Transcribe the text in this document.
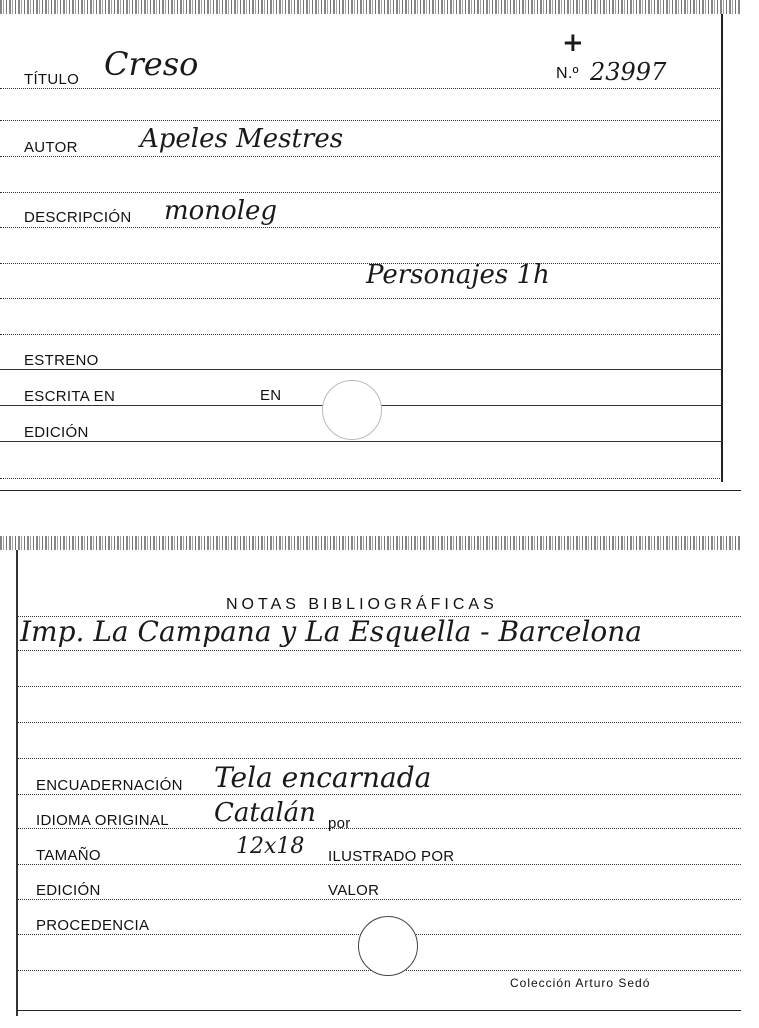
TÍTULO Creso
+
N.º 23997
AUTOR Apeles Mestres
DESCRIPCIÓN monoleg
Personajes 1h
ESTRENO
ESCRITA EN	EN
EDICIÓN
NOTAS BIBLIOGRÁFICAS
Imp. La Campana y La Esquella - Barcelona
ENCUADERNACIÓN Tela encarnada
IDIOMA ORIGINAL Catalán por
TAMAÑO	12x18 ILUSTRADO POR
EDICIÓN	VALOR
PROCEDENCIA
Colección Arturo Sedó
